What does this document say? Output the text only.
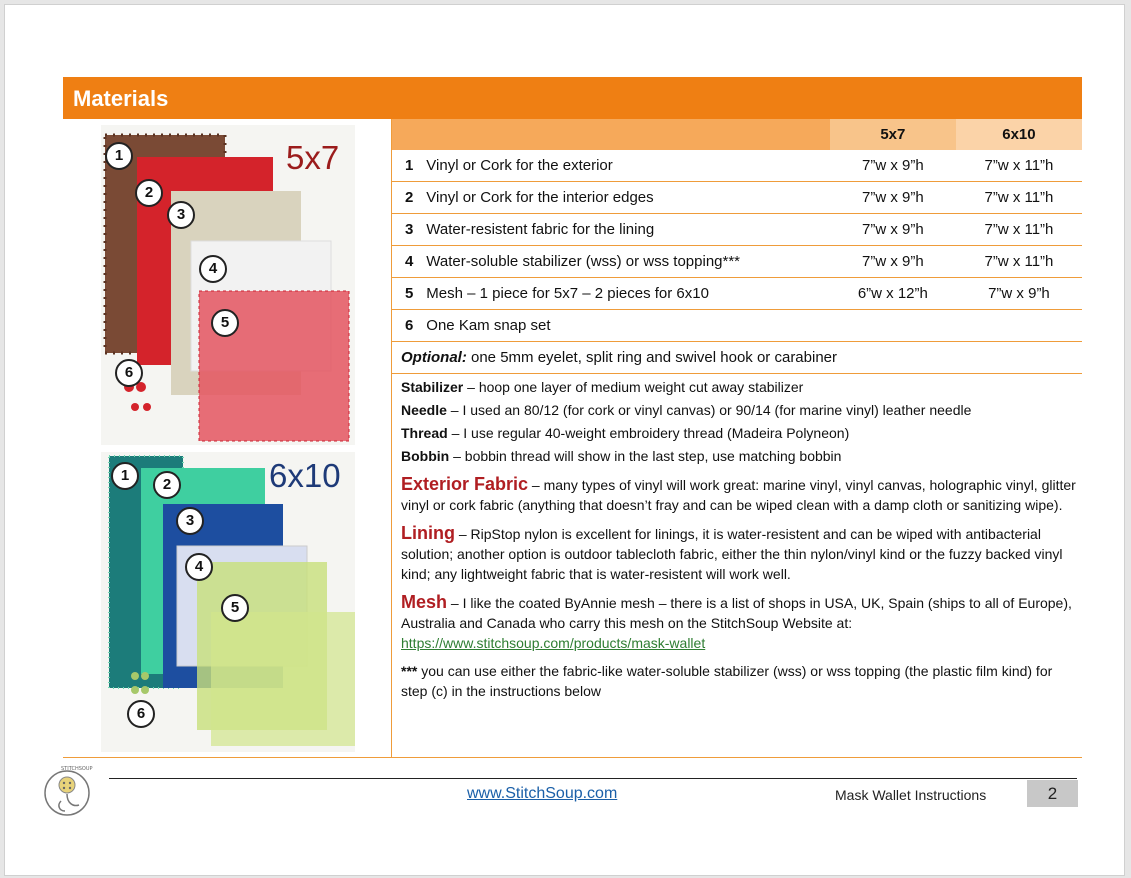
Materials
5x7
1
2
3
4
5
6
6x10
1
2
3
4
5
6
		5x7	6x10
1	Vinyl or Cork for the exterior	7”w x 9”h	7”w x 11”h
2	Vinyl or Cork for the interior edges	7”w x 9”h	7”w x 11”h
3	Water-resistent fabric for the lining	7”w x 9”h	7”w x 11”h
4	Water-soluble stabilizer (wss) or wss topping***	7”w x 9”h	7”w x 11”h
5	Mesh – 1 piece for 5x7 – 2 pieces for 6x10	6”w x 12”h	7”w x 9”h
6	One Kam snap set		
Optional: one 5mm eyelet, split ring and swivel hook or carabiner			

Stabilizer – hoop one layer of medium weight cut away stabilizer

Needle – I used an 80/12 (for cork or vinyl canvas) or 90/14 (for marine vinyl) leather needle

Thread – I use regular 40-weight embroidery thread (Madeira Polyneon)

Bobbin – bobbin thread will show in the last step, use matching bobbin

Exterior Fabric – many types of vinyl will work great: marine vinyl, vinyl canvas, holographic vinyl, glitter vinyl or cork fabric (anything that doesn’t fray and can be wiped clean with a damp cloth or sanitizing wipe).

Lining – RipStop nylon is excellent for linings, it is water-resistent and can be wiped with antibacterial solution; another option is outdoor tablecloth fabric, either the thin nylon/vinyl kind or the fuzzy backed vinyl kind; any lightweight fabric that is water-resistent will work well.

Mesh – I like the coated ByAnnie mesh – there is a list of shops in USA, UK, Spain (ships to all of Europe), Australia and Canada who carry this mesh on the StitchSoup Website at:
https://www.stitchsoup.com/products/mask-wallet

*** you can use either the fabric-like water-soluble stabilizer (wss) or wss topping (the plastic film kind) for step (c) in the instructions below

STITCHSOUP
www.StitchSoup.com	Mask Wallet Instructions	2
